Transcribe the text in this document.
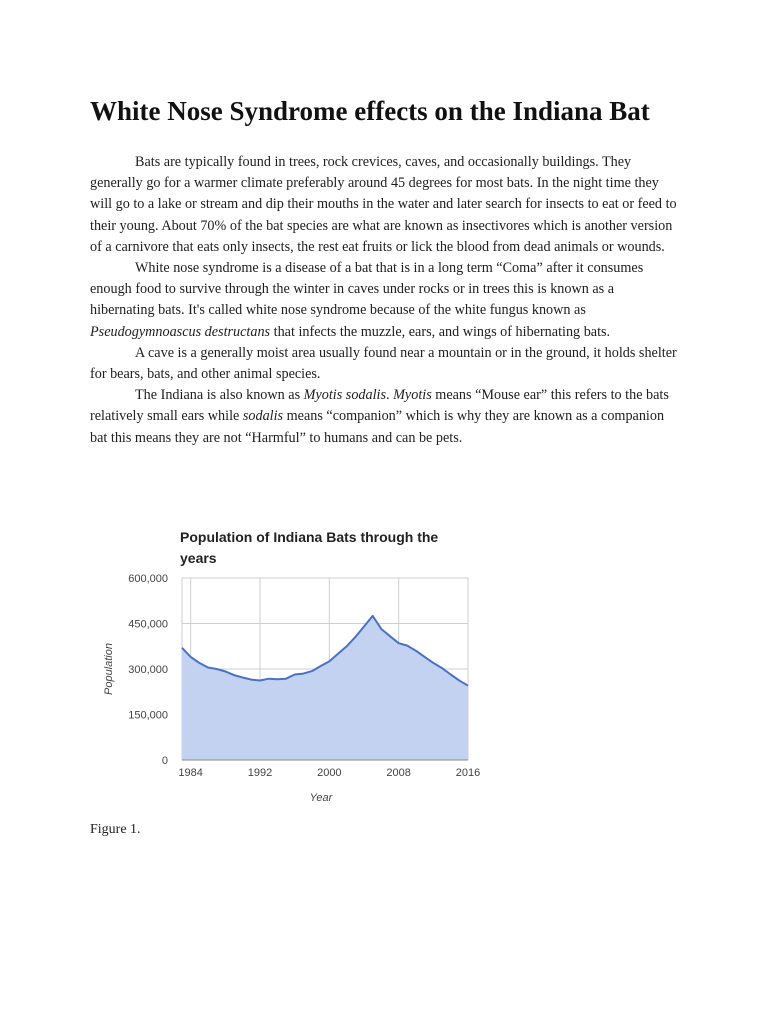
White Nose Syndrome effects on the Indiana Bat

Bats are typically found in trees, rock crevices, caves, and occasionally buildings. They generally go for a warmer climate preferably around 45 degrees for most bats. In the night time they will go to a lake or stream and dip their mouths in the water and later search for insects to eat or feed to their young. About 70% of the bat species are what are known as insectivores which is another version of a carnivore that eats only insects, the rest eat fruits or lick the blood from dead animals or wounds.

White nose syndrome is a disease of a bat that is in a long term “Coma” after it consumes enough food to survive through the winter in caves under rocks or in trees this is known as a hibernating bats. It's called white nose syndrome because of the white fungus known as Pseudogymnoascus destructans that infects the muzzle, ears, and wings of hibernating bats.

A cave is a generally moist area usually found near a mountain or in the ground, it holds shelter for bears, bats, and other animal species.

The Indiana is also known as Myotis sodalis. Myotis means “Mouse ear” this refers to the bats relatively small ears while sodalis means “companion” which is why they are known as a companion bat this means they are not “Harmful” to humans and can be pets.

Population of Indiana Bats through the
years
0
150,000
300,000
450,000
600,000
1984	1992	2000	2008	2016
Population
Year
Figure 1.
